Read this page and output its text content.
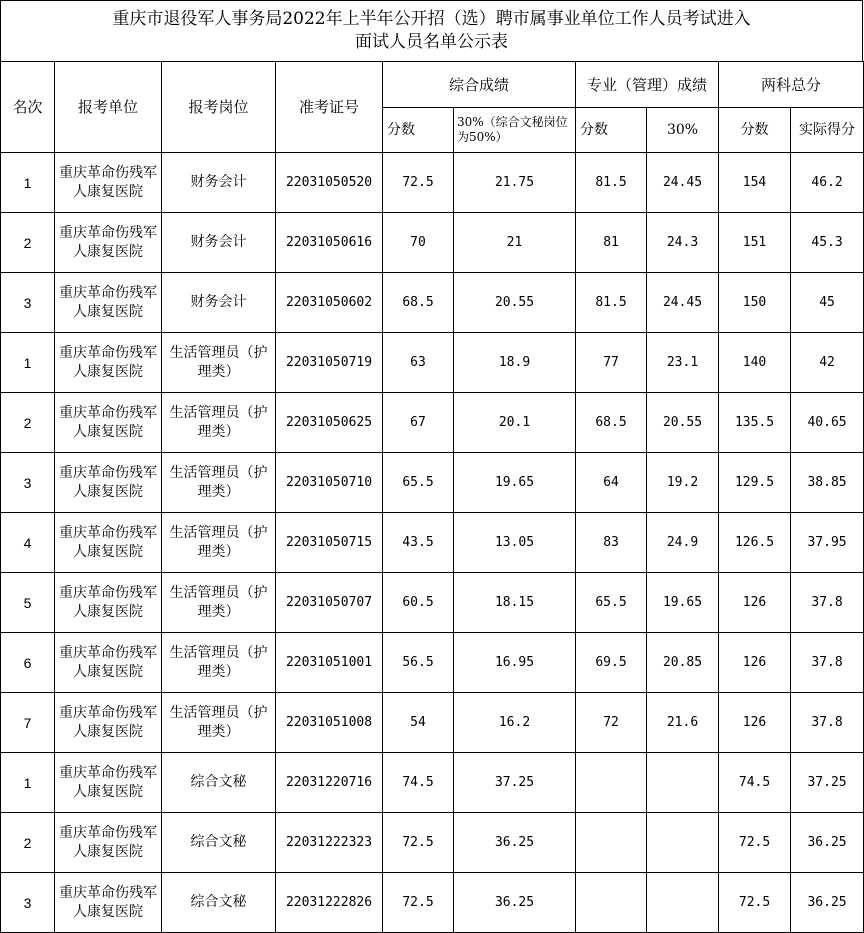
重庆市退役军人事务局2022年上半年公开招（选）聘市属事业单位工作人员考试进入
面试人员名单公示表
名次	报考单位	报考岗位	准考证号	综合成绩		专业（管理）成绩		两科总分	
				分数	30%（综合文秘岗位为50%）	分数	30%	分数	实际得分
1	重庆革命伤残军人康复医院	财务会计	22031050520	72.5	21.75	81.5	24.45	154	46.2
2	重庆革命伤残军人康复医院	财务会计	22031050616	70	21	81	24.3	151	45.3
3	重庆革命伤残军人康复医院	财务会计	22031050602	68.5	20.55	81.5	24.45	150	45
1	重庆革命伤残军人康复医院	生活管理员（护理类）	22031050719	63	18.9	77	23.1	140	42
2	重庆革命伤残军人康复医院	生活管理员（护理类）	22031050625	67	20.1	68.5	20.55	135.5	40.65
3	重庆革命伤残军人康复医院	生活管理员（护理类）	22031050710	65.5	19.65	64	19.2	129.5	38.85
4	重庆革命伤残军人康复医院	生活管理员（护理类）	22031050715	43.5	13.05	83	24.9	126.5	37.95
5	重庆革命伤残军人康复医院	生活管理员（护理类）	22031050707	60.5	18.15	65.5	19.65	126	37.8
6	重庆革命伤残军人康复医院	生活管理员（护理类）	22031051001	56.5	16.95	69.5	20.85	126	37.8
7	重庆革命伤残军人康复医院	生活管理员（护理类）	22031051008	54	16.2	72	21.6	126	37.8
1	重庆革命伤残军人康复医院	综合文秘	22031220716	74.5	37.25			74.5	37.25
2	重庆革命伤残军人康复医院	综合文秘	22031222323	72.5	36.25			72.5	36.25
3	重庆革命伤残军人康复医院	综合文秘	22031222826	72.5	36.25			72.5	36.25
